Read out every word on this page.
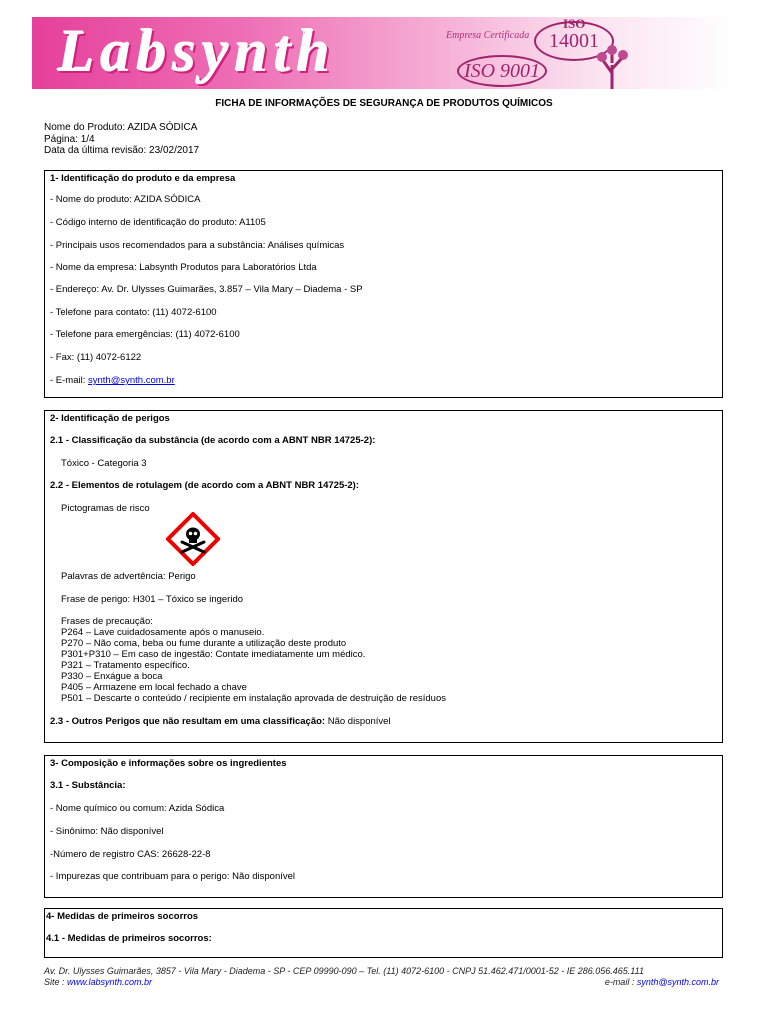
Labsynth	Empresa Certificada
ISO 9001
ISO
14001
FICHA DE INFORMAÇÕES DE SEGURANÇA DE PRODUTOS QUÍMICOS
Nome do Produto: AZIDA SÓDICA
Página: 1/4
Data da última revisão: 23/02/2017
1- Identificação do produto e da empresa
- Nome do produto: AZIDA SÓDICA
- Código interno de identificação do produto: A1105
- Principais usos recomendados para a substância: Análises químicas
- Nome da empresa: Labsynth Produtos para Laboratórios Ltda
- Endereço: Av. Dr. Ulysses Guimarães, 3.857 – Vila Mary – Diadema - SP
- Telefone para contato: (11) 4072-6100
- Telefone para emergências: (11) 4072-6100
- Fax: (11) 4072-6122
- E-mail: synth@synth.com.br
2- Identificação de perigos
2.1 - Classificação da substância (de acordo com a ABNT NBR 14725-2):
Tóxico - Categoria 3
2.2 - Elementos de rotulagem (de acordo com a ABNT NBR 14725-2):
Pictogramas de risco
Palavras de advertência: Perigo
Frase de perigo: H301 – Tóxico se ingerido
Frases de precaução:
P264 – Lave cuidadosamente após o manuseio.
P270 – Não coma, beba ou fume durante a utilização deste produto
P301+P310 – Em caso de ingestão: Contate imediatamente um médico.
P321 – Tratamento específico.
P330 – Enxágue a boca
P405 – Armazene em local fechado a chave
P501 – Descarte o conteúdo / recipiente em instalação aprovada de destruição de resíduos
2.3 - Outros Perigos que não resultam em uma classificação: Não disponível
3- Composição e informações sobre os ingredientes
3.1 - Substância:
- Nome químico ou comum: Azida Sódica
- Sinônimo: Não disponível
-Número de registro CAS: 26628-22-8
- Impurezas que contribuam para o perigo: Não disponível
4- Medidas de primeiros socorros
4.1 - Medidas de primeiros socorros:
Av. Dr. Ulysses Guimarães, 3857 - Vila Mary - Diadema - SP - CEP 09990-090 – Tel. (11) 4072-6100 - CNPJ 51.462.471/0001-52 - IE 286.056.465.111
Site : www.labsynth.com.br	e-mail : synth@synth.com.br
